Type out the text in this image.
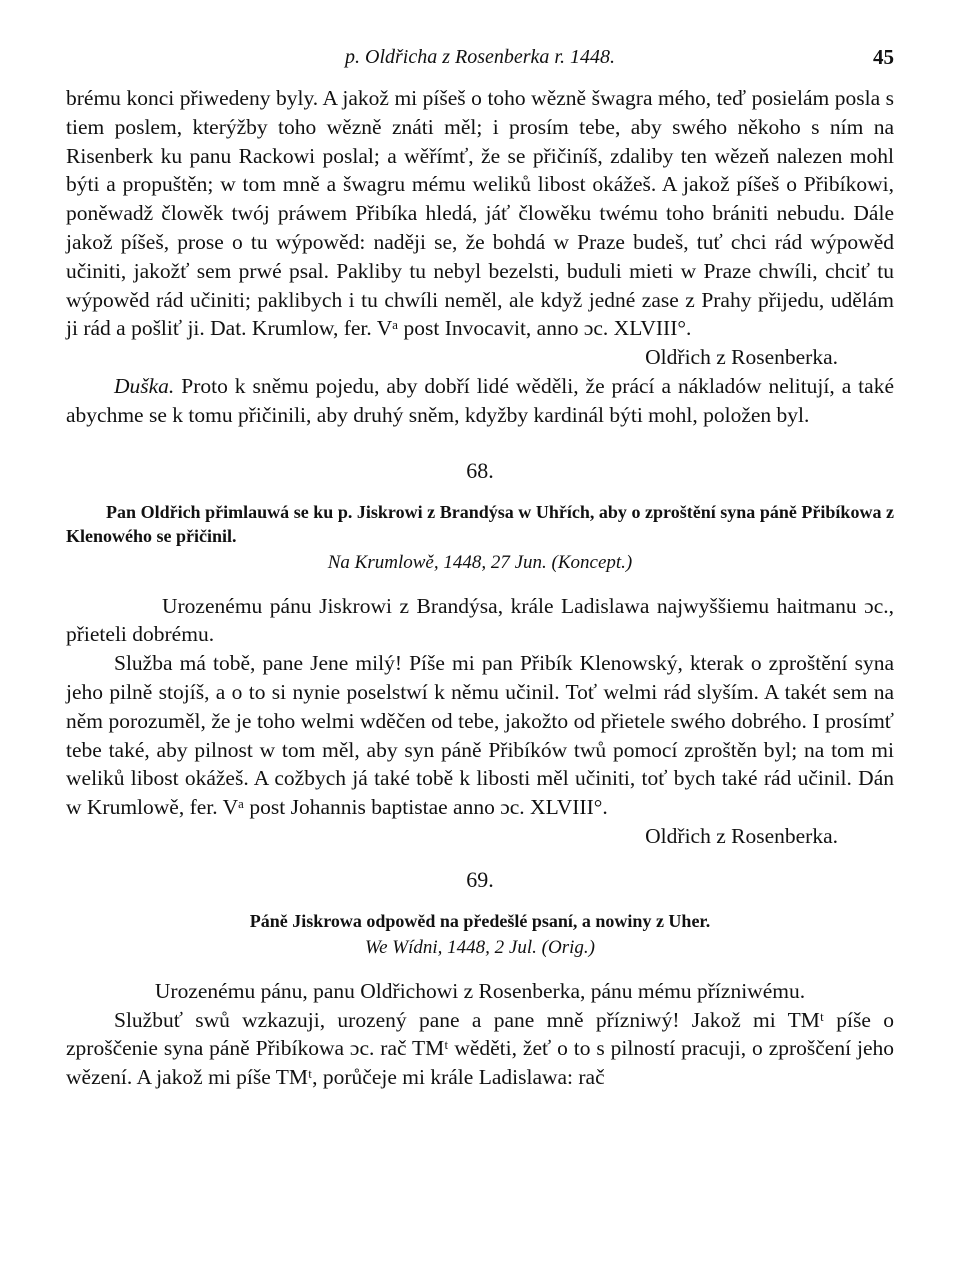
p. Oldřicha z Rosenberka r. 1448.	45

brému konci přiwedeny byly. A jakož mi píšeš o toho wězně šwagra mého, teď posielám posla s tiem poslem, kterýžby toho wězně znáti měl; i prosím tebe, aby swého někoho s ním na Risenberk ku panu Rackowi poslal; a wěřímť, že se přičiníš, zdaliby ten wězeň nalezen mohl býti a propuštěn; w tom mně a šwagru mému weliků libost okážeš. A jakož píšeš o Přibíkowi, poněwadž člowěk twój práwem Přibíka hledá, jáť člowěku twému toho brániti nebudu. Dále jakož píšeš, prose o tu wýpowěd: naději se, že bohdá w Praze budeš, tuť chci rád wýpowěd učiniti, jakožť sem prwé psal. Pakliby tu nebyl bezelsti, buduli mieti w Praze chwíli, chciť tu wýpowěd rád učiniti; paklibych i tu chwíli neměl, ale když jedné zase z Prahy přijedu, udělám ji rád a pošliť ji. Dat. Krumlow, fer. Vᵃ post Invocavit, anno ɔc. XLVIII°.
Oldřich z Rosenberka.

Duška. Proto k sněmu pojedu, aby dobří lidé wěděli, že prácí a nákladów nelitují, a také abychme se k tomu přičinili, aby druhý sněm, kdyžby kardinál býti mohl, položen byl.

68.

Pan Oldřich přimlauwá se ku p. Jiskrowi z Brandýsa w Uhřích, aby o zproštění syna páně Přibíkowa z Klenowého se přičinil.

Na Krumlowě, 1448, 27 Jun. (Koncept.)

Urozenému pánu Jiskrowi z Brandýsa, krále Ladislawa najwyššiemu haitmanu ɔc., přieteli dobrému.

Služba má tobě, pane Jene milý! Píše mi pan Přibík Klenowský, kterak o zproštění syna jeho pilně stojíš, a o to si nynie poselstwí k němu učinil. Toť welmi rád slyším. A takét sem na něm porozuměl, že je toho welmi wděčen od tebe, jakožto od přietele swého dobrého. I prosímť tebe také, aby pilnost w tom měl, aby syn páně Přibíków twů pomocí zproštěn byl; na tom mi weliků libost okážeš. A cožbych já také tobě k libosti měl učiniti, toť bych také rád učinil. Dán w Krumlowě, fer. Vᵃ post Johannis baptistae anno ɔc. XLVIII°.

Oldřich z Rosenberka.

69.

Páně Jiskrowa odpowěd na předešlé psaní, a nowiny z Uher.

We Wídni, 1448, 2 Jul. (Orig.)

Urozenému pánu, panu Oldřichowi z Rosenberka, pánu mému přízniwému.

Službuť swů wzkazuji, urozený pane a pane mně přízniwý! Jakož mi TMᵗ píše o zproščenie syna páně Přibíkowa ɔc. rač TMᵗ wěděti, žeť o to s pilností pracuji, o zproščení jeho wězení. A jakož mi píše TMᵗ, porůčeje mi krále Ladislawa: rač
